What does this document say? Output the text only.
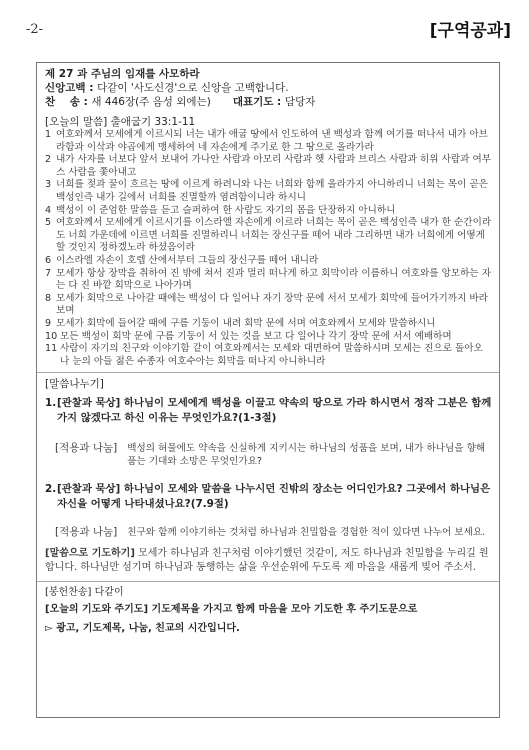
-2-	[구역공과]
제 27 과 주님의 임재를 사모하라
신앙고백 : 다같이 '사도신경'으로 신앙을 고백합니다.
찬    송 : 새 446장(주 음성 외에는) 대표기도 : 담당자
[오늘의 말씀] 출애굽기 33:1-11
1 여호와께서 모세에게 이르시되 너는 내가 애굽 땅에서 인도하여 낸 백성과 함께 여기를 떠나서 내가 아브라함과 이삭과 야곱에게 맹세하여 네 자손에게 주기로 한 그 땅으로 올라가라
2 내가 사자를 너보다 앞서 보내어 가나안 사람과 아모리 사람과 헷 사람과 브리스 사람과 히위 사람과 여부스 사람을 쫓아내고
3 너희를 젖과 꿀이 흐르는 땅에 이르게 하려니와 나는 너희와 함께 올라가지 아니하리니 너희는 목이 곧은 백성인즉 내가 길에서 너희를 진멸할까 염려함이니라 하시니
4 백성이 이 준엄한 말씀을 듣고 슬퍼하여 한 사람도 자기의 몸을 단장하지 아니하니
5 여호와께서 모세에게 이르시기를 이스라엘 자손에게 이르라 너희는 목이 곧은 백성인즉 내가 한 순간이라도 너희 가운데에 이르면 너희를 진멸하리니 너희는 장신구를 떼어 내라 그리하면 내가 너희에게 어떻게 할 것인지 정하겠노라 하셨음이라
6 이스라엘 자손이 호렙 산에서부터 그들의 장신구를 떼어 내니라
7 모세가 항상 장막을 취하여 진 밖에 쳐서 진과 멀리 떠나게 하고 회막이라 이름하니 여호와를 앙모하는 자는 다 진 바깥 회막으로 나아가며
8 모세가 회막으로 나아갈 때에는 백성이 다 일어나 자기 장막 문에 서서 모세가 회막에 들어가기까지 바라보며
9 모세가 회막에 들어갈 때에 구름 기둥이 내려 회막 문에 서며 여호와께서 모세와 말씀하시니
10 모든 백성이 회막 문에 구름 기둥이 서 있는 것을 보고 다 일어나 각기 장막 문에 서서 예배하며
11 사람이 자기의 친구와 이야기함 같이 여호와께서는 모세와 대면하여 말씀하시며 모세는 진으로 돌아오나 눈의 아들 젊은 수종자 여호수아는 회막을 떠나지 아니하니라
[말씀나누기]
1. [관찰과 묵상] 하나님이 모세에게 백성을 이끌고 약속의 땅으로 가라 하시면서 정작 그분은 함께 가지 않겠다고 하신 이유는 무엇인가요?(1-3절)
[적용과 나눔]	백성의 허물에도 약속을 신실하게 지키시는 하나님의 성품을 보며, 내가 하나님을 향해 품는 기대와 소망은 무엇인가요?
2. [관찰과 묵상] 하나님이 모세와 말씀을 나누시던 진밖의 장소는 어디인가요? 그곳에서 하나님은 자신을 어떻게 나타내셨나요?(7.9절)
[적용과 나눔]	친구와 함께 이야기하는 것처럼 하나님과 친밀함을 경험한 적이 있다면 나누어 보세요.
[말씀으로 기도하기] 모세가 하나님과 친구처럼 이야기했던 것같이, 저도 하나님과 친밀함을 누리길 원합니다. 하나님만 섬기며 하나님과 동행하는 삶을 우선순위에 두도록 제 마음을 새롭게 빚어 주소서.
[봉헌찬송] 다같이
[오늘의 기도와 주기도] 기도제목을 가지고 함께 마음을 모아 기도한 후 주기도문으로
▻ 광고, 기도제목, 나눔, 친교의 시간입니다.
